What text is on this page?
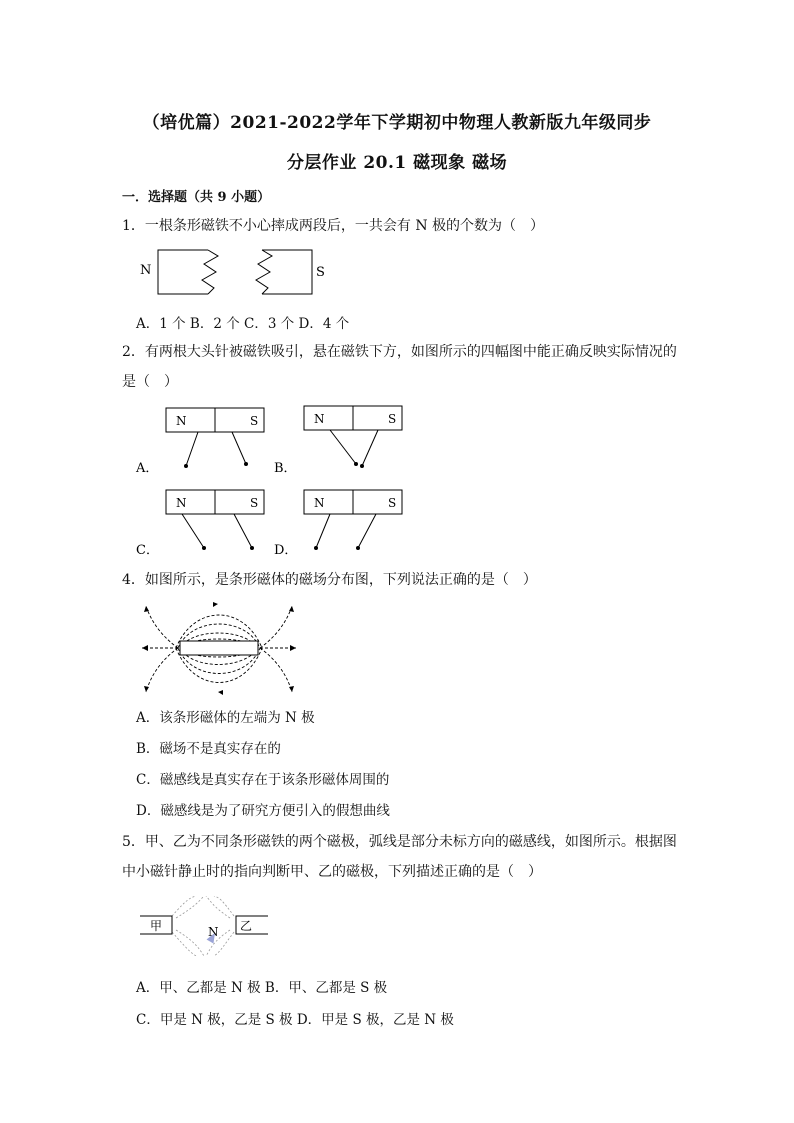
（培优篇）2021-2022学年下学期初中物理人教新版九年级同步
分层作业 20.1 磁现象 磁场
一．选择题（共 9 小题）
1．一根条形磁铁不小心摔成两段后，一共会有 N 极的个数为（　）
N	S
A．1 个 B．2 个 C．3 个 D．4 个
2．有两根大头针被磁铁吸引，悬在磁铁下方，如图所示的四幅图中能正确反映实际情况的
是（　）
A．
N	S
B．
N	S
C．
N	S
D．
N	S
4．如图所示，是条形磁体的磁场分布图，下列说法正确的是（　）
A．该条形磁体的左端为 N 极
B．磁场不是真实存在的
C．磁感线是真实存在于该条形磁体周围的
D．磁感线是为了研究方便引入的假想曲线
5．甲、乙为不同条形磁铁的两个磁极，弧线是部分未标方向的磁感线，如图所示。根据图
中小磁针静止时的指向判断甲、乙的磁极，下列描述正确的是（　）
甲	乙
N
A．甲、乙都是 N 极 B．甲、乙都是 S 极
C．甲是 N 极，乙是 S 极 D．甲是 S 极，乙是 N 极
